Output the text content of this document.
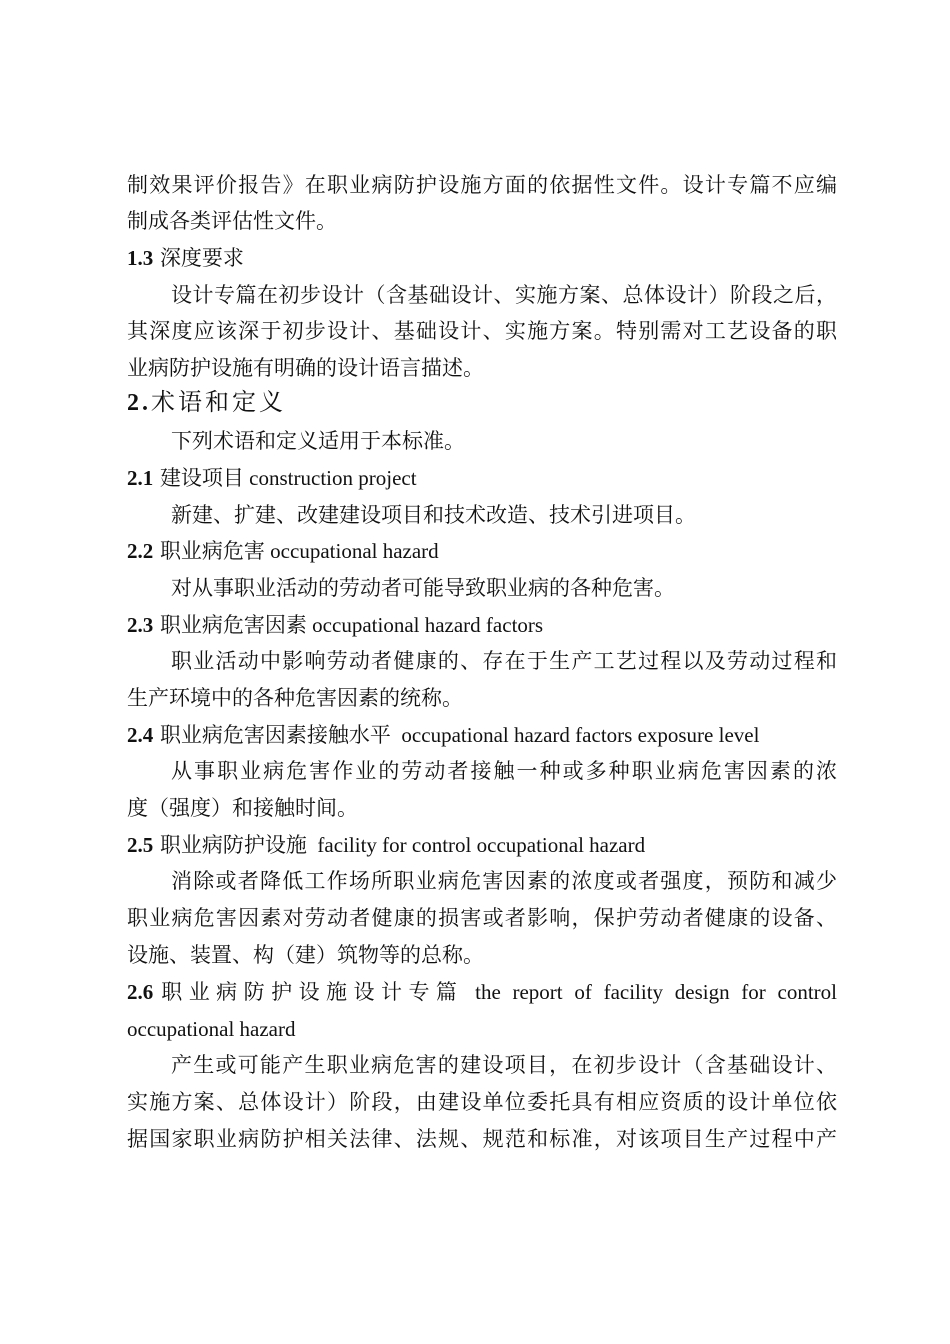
制效果评价报告》在职业病防护设施方面的依据性文件。设计专篇不应编
制成各类评估性文件。
1.3 深度要求
设计专篇在初步设计（含基础设计、实施方案、总体设计）阶段之后，
其深度应该深于初步设计、基础设计、实施方案。特别需对工艺设备的职
业病防护设施有明确的设计语言描述。
2.术语和定义
下列术语和定义适用于本标准。
2.1 建设项目 construction project
新建、扩建、改建建设项目和技术改造、技术引进项目。
2.2 职业病危害 occupational hazard
对从事职业活动的劳动者可能导致职业病的各种危害。
2.3 职业病危害因素 occupational hazard factors
职业活动中影响劳动者健康的、存在于生产工艺过程以及劳动过程和
生产环境中的各种危害因素的统称。
2.4 职业病危害因素接触水平  occupational hazard factors exposure level
从事职业病危害作业的劳动者接触一种或多种职业病危害因素的浓
度（强度）和接触时间。
2.5 职业病防护设施  facility for control occupational hazard
消除或者降低工作场所职业病危害因素的浓度或者强度，预防和减少
职业病危害因素对劳动者健康的损害或者影响，保护劳动者健康的设备、
设施、装置、构（建）筑物等的总称。
2.6 职业病防护设施设计专篇 the report of facility design for control
occupational hazard
产生或可能产生职业病危害的建设项目，在初步设计（含基础设计、
实施方案、总体设计）阶段，由建设单位委托具有相应资质的设计单位依
据国家职业病防护相关法律、法规、规范和标准，对该项目生产过程中产
